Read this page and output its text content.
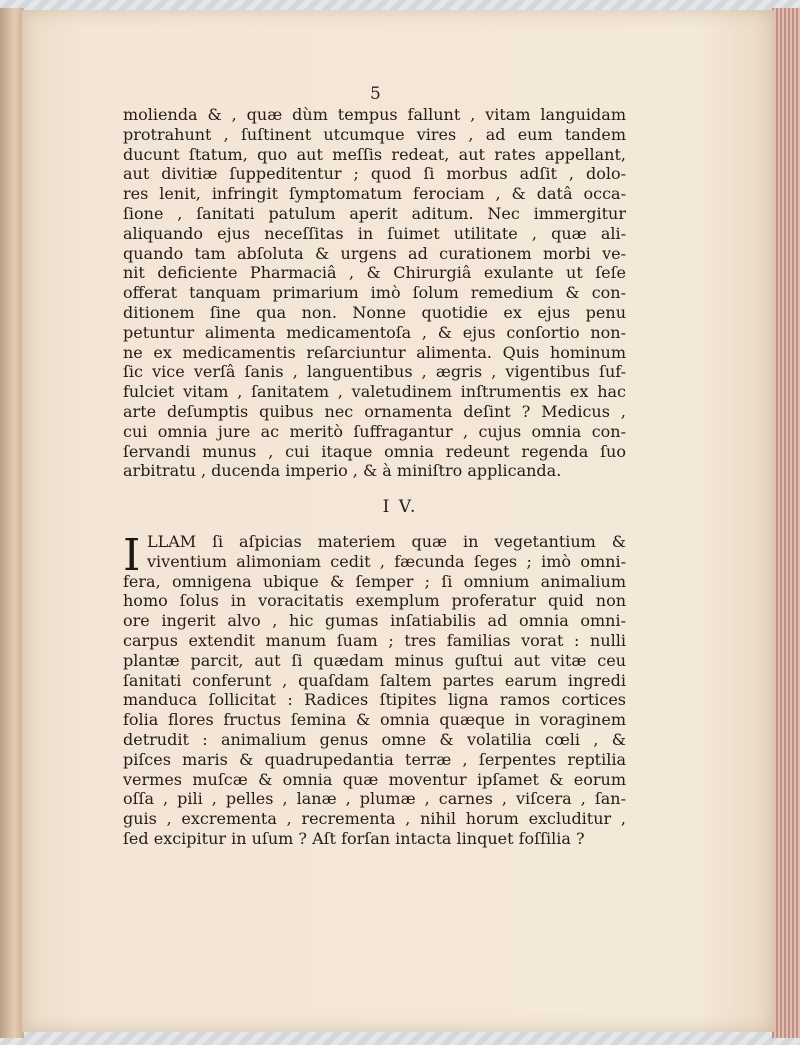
5
molienda & , quæ dùm tempus fallunt , vitam languidam
protrahunt , ſuſtinent utcumque vires , ad eum tandem
ducunt ſtatum, quo aut meſſis redeat, aut rates appellant,
aut divitiæ ſuppeditentur ; quod ſi morbus adſit , dolo-
res lenit, infringit ſymptomatum ferociam , & datâ occa-
ſione , ſanitati patulum aperit aditum. Nec immergitur
aliquando ejus neceſſitas in ſuimet utilitate , quæ ali-
quando tam abſoluta & urgens ad curationem morbi ve-
nit deficiente Pharmaciâ , & Chirurgiâ exulante ut ſeſe
offerat tanquam primarium imò ſolum remedium & con-
ditionem ſine qua non. Nonne quotidie ex ejus penu
petuntur alimenta medicamentoſa , & ejus conſortio non-
ne ex medicamentis reſarciuntur alimenta. Quis hominum
ſic vice verſâ ſanis , languentibus , ægris , vigentibus ſuf-
fulciet vitam , ſanitatem , valetudinem inſtrumentis ex hac
arte deſumptis quibus nec ornamenta deſint ? Medicus ,
cui omnia jure ac meritò ſuffragantur , cujus omnia con-
ſervandi munus , cui itaque omnia redeunt regenda ſuo
arbitratu , ducenda imperio , & à miniſtro applicanda.
I V.
I LLAM ſi aſpicias materiem quæ in vegetantium &
viventium alimoniam cedit , fæcunda ſeges ; imò omni-
fera, omnigena ubique & ſemper ; ſi omnium animalium
homo ſolus in voracitatis exemplum proferatur quid non
ore ingerit alvo , hic gumas inſatiabilis ad omnia omni-
carpus extendit manum ſuam ; tres familias vorat : nulli
plantæ parcit, aut ſi quædam minus guſtui aut vitæ ceu
ſanitati conferunt , quaſdam ſaltem partes earum ingredi
manduca ſollicitat : Radices ſtipites ligna ramos cortices
folia flores fructus ſemina & omnia quæque in voraginem
detrudit : animalium genus omne & volatilia cœli , &
piſces maris & quadrupedantia terræ , ſerpentes reptilia
vermes muſcæ & omnia quæ moventur ipſamet & eorum
oſſa , pili , pelles , lanæ , plumæ , carnes , viſcera , ſan-
guis , excrementa , recrementa , nihil horum excluditur ,
ſed excipitur in uſum ? Aſt forſan intacta linquet foſſilia ?
